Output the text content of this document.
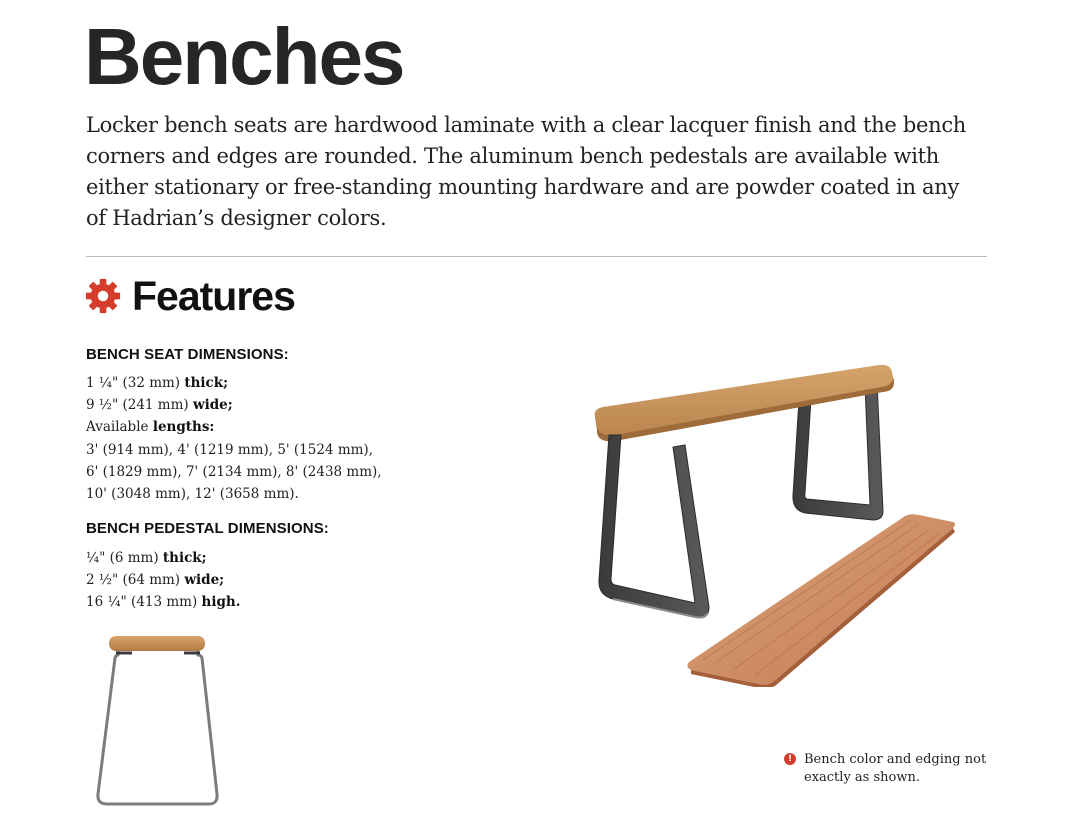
Benches

Locker bench seats are hardwood laminate with a clear lacquer finish and the bench corners and edges are rounded. The aluminum bench pedestals are available with either stationary or free-standing mounting hardware and are powder coated in any of Hadrian’s designer colors.

Features
BENCH SEAT DIMENSIONS:
1 ¼" (32 mm) thick;
9 ½" (241 mm) wide;
Available lengths:
3' (914 mm), 4' (1219 mm), 5' (1524 mm),
6' (1829 mm), 7' (2134 mm), 8' (2438 mm),
10' (3048 mm), 12' (3658 mm).
BENCH PEDESTAL DIMENSIONS:
¼" (6 mm) thick;
2 ½" (64 mm) wide;
16 ¼" (413 mm) high.
! Bench color and edging not exactly as shown.
